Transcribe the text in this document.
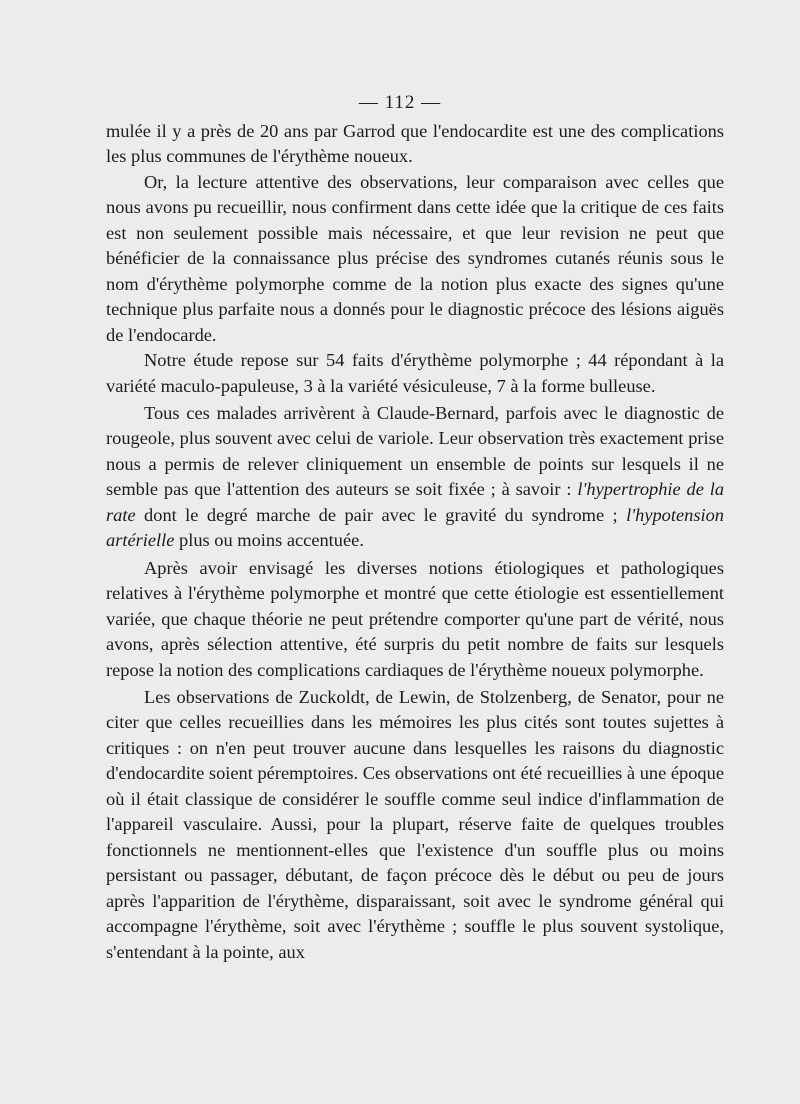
— 112 —

mulée il y a près de 20 ans par Garrod que l'endocardite est une des complications les plus communes de l'érythème noueux.

Or, la lecture attentive des observations, leur comparaison avec celles que nous avons pu recueillir, nous confirment dans cette idée que la critique de ces faits est non seulement possible mais nécessaire, et que leur revision ne peut que bénéficier de la connaissance plus précise des syndromes cutanés réunis sous le nom d'érythème polymorphe comme de la notion plus exacte des signes qu'une technique plus parfaite nous a donnés pour le diagnostic précoce des lésions aiguës de l'endocarde.

Notre étude repose sur 54 faits d'érythème polymorphe ; 44 répondant à la variété maculo-papuleuse, 3 à la variété vésiculeuse, 7 à la forme bulleuse.

Tous ces malades arrivèrent à Claude-Bernard, parfois avec le diagnostic de rougeole, plus souvent avec celui de variole. Leur observation très exactement prise nous a permis de relever cliniquement un ensemble de points sur lesquels il ne semble pas que l'attention des auteurs se soit fixée ; à savoir : l'hypertrophie de la rate dont le degré marche de pair avec le gravité du syndrome ; l'hypotension artérielle plus ou moins accentuée.

Après avoir envisagé les diverses notions étiologiques et pathologiques relatives à l'érythème polymorphe et montré que cette étiologie est essentiellement variée, que chaque théorie ne peut prétendre comporter qu'une part de vérité, nous avons, après sélection attentive, été surpris du petit nombre de faits sur lesquels repose la notion des complications cardiaques de l'érythème noueux polymorphe.

Les observations de Zuckoldt, de Lewin, de Stolzenberg, de Senator, pour ne citer que celles recueillies dans les mémoires les plus cités sont toutes sujettes à critiques : on n'en peut trouver aucune dans lesquelles les raisons du diagnostic d'endocardite soient péremptoires. Ces observations ont été recueillies à une époque où il était classique de considérer le souffle comme seul indice d'inflammation de l'appareil vasculaire. Aussi, pour la plupart, réserve faite de quelques troubles fonctionnels ne mentionnent-elles que l'existence d'un souffle plus ou moins persistant ou passager, débutant, de façon précoce dès le début ou peu de jours après l'apparition de l'érythème, disparaissant, soit avec le syndrome général qui accompagne l'érythème, soit avec l'érythème ; souffle le plus souvent systolique, s'entendant à la pointe, aux
